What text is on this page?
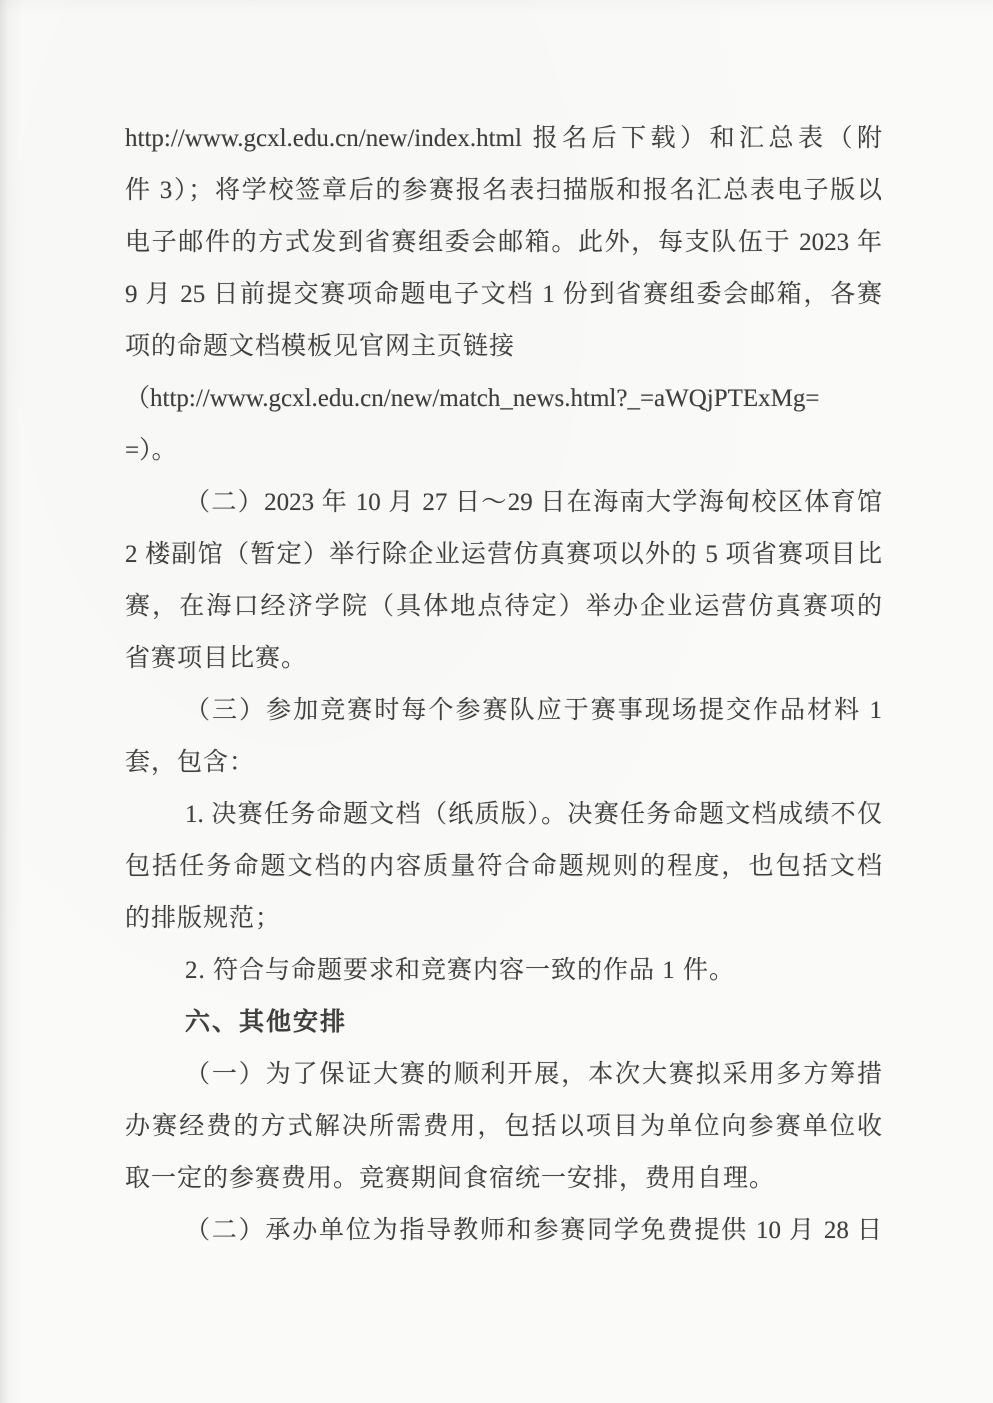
http://www.gcxl.edu.cn/new/index.html 报名后下载）和汇总表（附
件 3）；将学校签章后的参赛报名表扫描版和报名汇总表电子版以
电子邮件的方式发到省赛组委会邮箱。此外，每支队伍于 2023 年
9 月 25 日前提交赛项命题电子文档 1 份到省赛组委会邮箱，各赛
项的命题文档模板见官网主页链接
（http://www.gcxl.edu.cn/new/match_news.html?_=aWQjPTExMg=
=）。
（二）2023 年 10 月 27 日～29 日在海南大学海甸校区体育馆
2 楼副馆（暂定）举行除企业运营仿真赛项以外的 5 项省赛项目比
赛，在海口经济学院（具体地点待定）举办企业运营仿真赛项的
省赛项目比赛。
（三）参加竞赛时每个参赛队应于赛事现场提交作品材料 1
套，包含：
1. 决赛任务命题文档（纸质版）。决赛任务命题文档成绩不仅
包括任务命题文档的内容质量符合命题规则的程度，也包括文档
的排版规范；
2. 符合与命题要求和竞赛内容一致的作品 1 件。
六、其他安排
（一）为了保证大赛的顺利开展，本次大赛拟采用多方筹措
办赛经费的方式解决所需费用，包括以项目为单位向参赛单位收
取一定的参赛费用。竞赛期间食宿统一安排，费用自理。
（二）承办单位为指导教师和参赛同学免费提供 10 月 28 日
